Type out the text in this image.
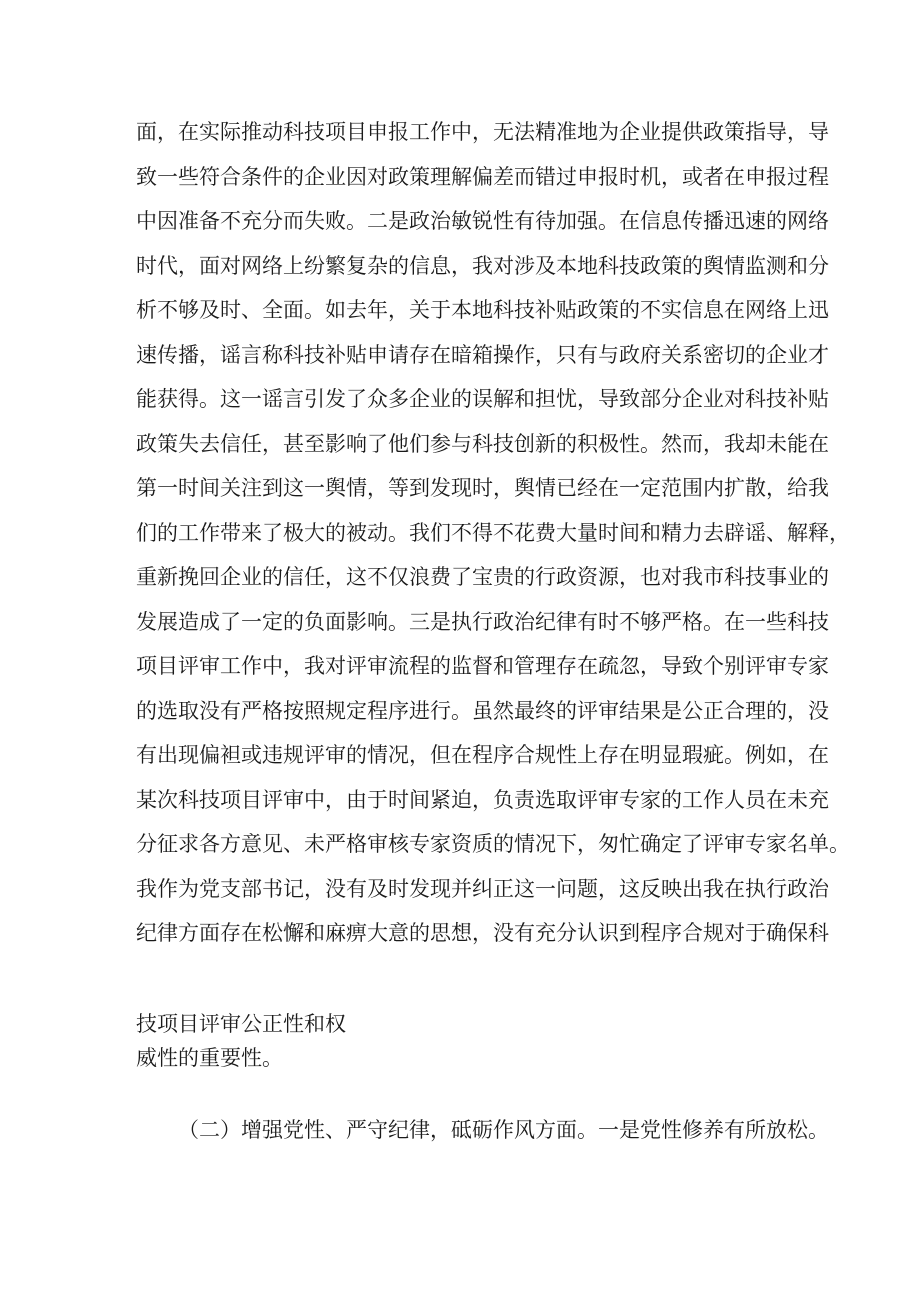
面，在实际推动科技项目申报工作中，无法精准地为企业提供政策指导，导
致一些符合条件的企业因对政策理解偏差而错过申报时机，或者在申报过程
中因准备不充分而失败。二是政治敏锐性有待加强。在信息传播迅速的网络
时代，面对网络上纷繁复杂的信息，我对涉及本地科技政策的舆情监测和分
析不够及时、全面。如去年，关于本地科技补贴政策的不实信息在网络上迅
速传播，谣言称科技补贴申请存在暗箱操作，只有与政府关系密切的企业才
能获得。这一谣言引发了众多企业的误解和担忧，导致部分企业对科技补贴
政策失去信任，甚至影响了他们参与科技创新的积极性。然而，我却未能在
第一时间关注到这一舆情，等到发现时，舆情已经在一定范围内扩散，给我
们的工作带来了极大的被动。我们不得不花费大量时间和精力去辟谣、解释，
重新挽回企业的信任，这不仅浪费了宝贵的行政资源，也对我市科技事业的
发展造成了一定的负面影响。三是执行政治纪律有时不够严格。在一些科技
项目评审工作中，我对评审流程的监督和管理存在疏忽，导致个别评审专家
的选取没有严格按照规定程序进行。虽然最终的评审结果是公正合理的，没
有出现偏袒或违规评审的情况，但在程序合规性上存在明显瑕疵。例如，在
某次科技项目评审中，由于时间紧迫，负责选取评审专家的工作人员在未充
分征求各方意见、未严格审核专家资质的情况下，匆忙确定了评审专家名单。
我作为党支部书记，没有及时发现并纠正这一问题，这反映出我在执行政治
纪律方面存在松懈和麻痹大意的思想，没有充分认识到程序合规对于确保科
技项目评审公正性和权
威性的重要性。
（二）增强党性、严守纪律，砥砺作风方面。一是党性修养有所放松。
